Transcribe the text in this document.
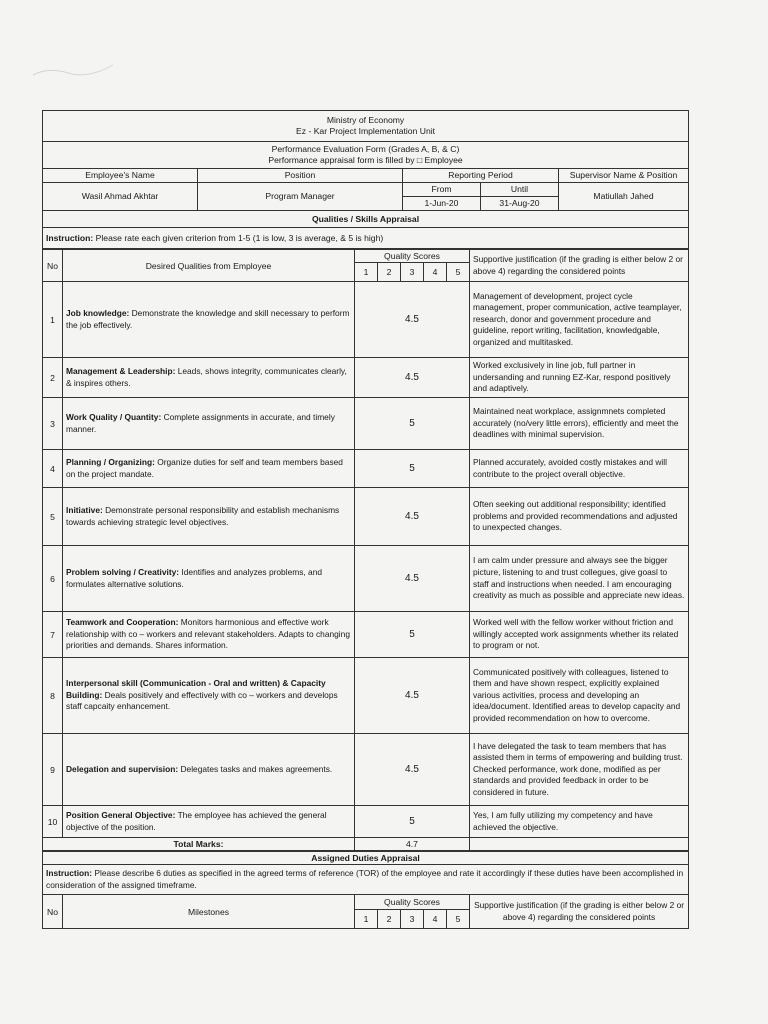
Ministry of Economy
Ez - Kar Project Implementation Unit				

Performance Evaluation Form (Grades A, B, & C)
Performance appraisal form is filled by □ Employee				

Employee's Name	Position	Reporting Period		Supervisor Name & Position
Wasil Ahmad Akhtar	Program Manager	From	Until	Matiullah Jahed
		1-Jun-20	31-Aug-20	
Qualities / Skills Appraisal				
Instruction: Please rate each given criterion from 1-5 (1 is low, 3 is average, & 5 is high)				
No	Desired Qualities from Employee	Quality Scores					Supportive justification (if the grading is either below 2 or above 4) regarding the considered points
		1	2	3	4	5	
1	Job knowledge: Demonstrate the knowledge and skill necessary to perform the job effectively.	4.5					Management of development, project cycle management, proper communication, active teamplayer, research, donor and government procedure and guideline, report writing, facilitation, knowledgable, organized and multitasked.
2	Management & Leadership: Leads, shows integrity, communicates clearly, & inspires others.	4.5					Worked exclusively in line job, full partner in undersanding and running EZ-Kar, respond positively and adaptively.
3	Work Quality / Quantity: Complete assignments in accurate, and timely manner.	5					Maintained neat workplace, assignmnets completed accurately (no/very little errors), efficiently and meet the deadlines with minimal supervision.
4	Planning / Organizing: Organize duties for self and team members based on the project mandate.	5					Planned accurately, avoided costly mistakes and will contribute to the project overall objective.
5	Initiative: Demonstrate personal responsibility and establish mechanisms towards achieving strategic level objectives.	4.5					Often seeking out additional responsibility; identified problems and provided recommendations and adjusted to unexpected changes.
6	Problem solving / Creativity: Identifies and analyzes problems, and formulates alternative solutions.	4.5					I am calm under pressure and always see the bigger picture, listening to and trust collegues, give goasl to staff and instructions when needed. I am encouraging creativity as much as possible and appreciate new ideas.
7	Teamwork and Cooperation: Monitors harmonious and effective work relationship with co – workers and relevant stakeholders. Adapts to changing priorities and demands. Shares information.	5					Worked well with the fellow worker without friction and willingly accepted work assignments whether its related to program or not.
8	Interpersonal skill (Communication - Oral and written) & Capacity Building: Deals positively and effectively with co – workers and develops staff capcaity enhancement.	4.5					Communicated positively with colleagues, listened to them and have shown respect, explicitly explained various activities, process and developing an idea/document. Identified areas to develop capacity and provided recommendation on how to overcome.
9	Delegation and supervision: Delegates tasks and makes agreements.	4.5					I have delegated the task to team members that has assisted them in terms of empowering and building trust. Checked performance, work done, modified as per standards and provided feedback in order to be considered in future.
10	Position General Objective: The employee has achieved the general objective of the position.	5					Yes, I am fully utilizing my competency and have achieved the objective.
Total Marks:		4.7					
Assigned Duties Appraisal							
Instruction: Please describe 6 duties as specified in the agreed terms of reference (TOR) of the employee and rate it accordingly if these duties have been accomplished in consideration of the assigned timeframe.							
No	Milestones	Quality Scores					Supportive justification (if the grading is either below 2 or above 4) regarding the considered points
		1	2	3	4	5	
